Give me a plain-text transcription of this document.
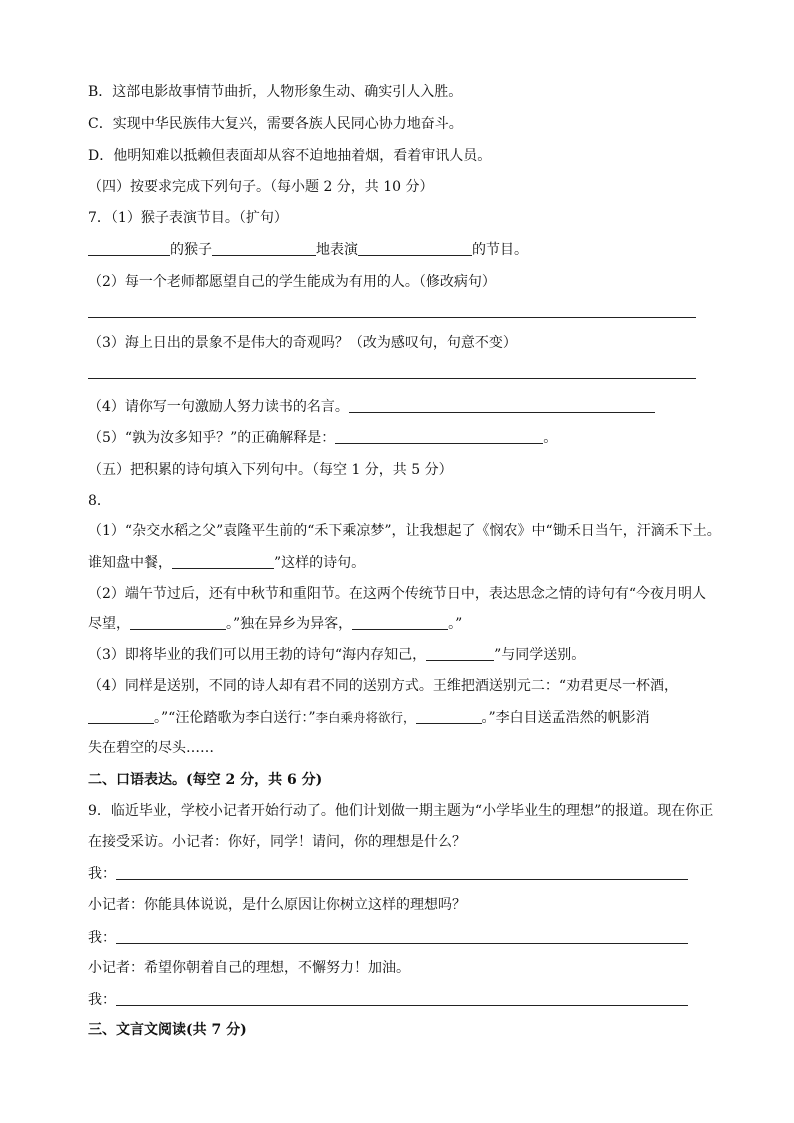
B．这部电影故事情节曲折，人物形象生动、确实引人入胜。
C．实现中华民族伟大复兴，需要各族人民同心协力地奋斗。
D．他明知难以抵赖但表面却从容不迫地抽着烟，看着审讯人员。
（四）按要求完成下列句子。（每小题 2 分，共 10 分）
7．（1）猴子表演节目。（扩句）
的猴子	地表演	的节目。
（2）每一个老师都愿望自己的学生能成为有用的人。（修改病句）
（3）海上日出的景象不是伟大的奇观吗？（改为感叹句，句意不变）
（4）请你写一句激励人努力读书的名言。
（5）“孰为汝多知乎？”的正确解释是：	。
（五）把积累的诗句填入下列句中。（每空 1 分，共 5 分）
8．
（1）“杂交水稻之父”袁隆平生前的“禾下乘凉梦”，让我想起了《悯农》中“锄禾日当午，汗滴禾下土。
谁知盘中餐，	”这样的诗句。
（2）端午节过后，还有中秋节和重阳节。在这两个传统节日中，表达思念之情的诗句有“今夜月明人
尽望，	。”独在异乡为异客，	。”
（3）即将毕业的我们可以用王勃的诗句“海内存知己，	”与同学送别。
（4）同样是送别，不同的诗人却有君不同的送别方式。王维把酒送别元二：“劝君更尽一杯酒，
。”“汪伦踏歌为李白送行：”李白乘舟将欲行，	。”李白目送孟浩然的帆影消
失在碧空的尽头……
二、口语表达。(每空 2 分，共 6 分)
9．临近毕业，学校小记者开始行动了。他们计划做一期主题为“小学毕业生的理想”的报道。现在你正
在接受采访。小记者：你好，同学！请问，你的理想是什么？
我：
小记者：你能具体说说，是什么原因让你树立这样的理想吗？
我：
小记者：希望你朝着自己的理想，不懈努力！加油。
我：
三、文言文阅读(共 7 分)
